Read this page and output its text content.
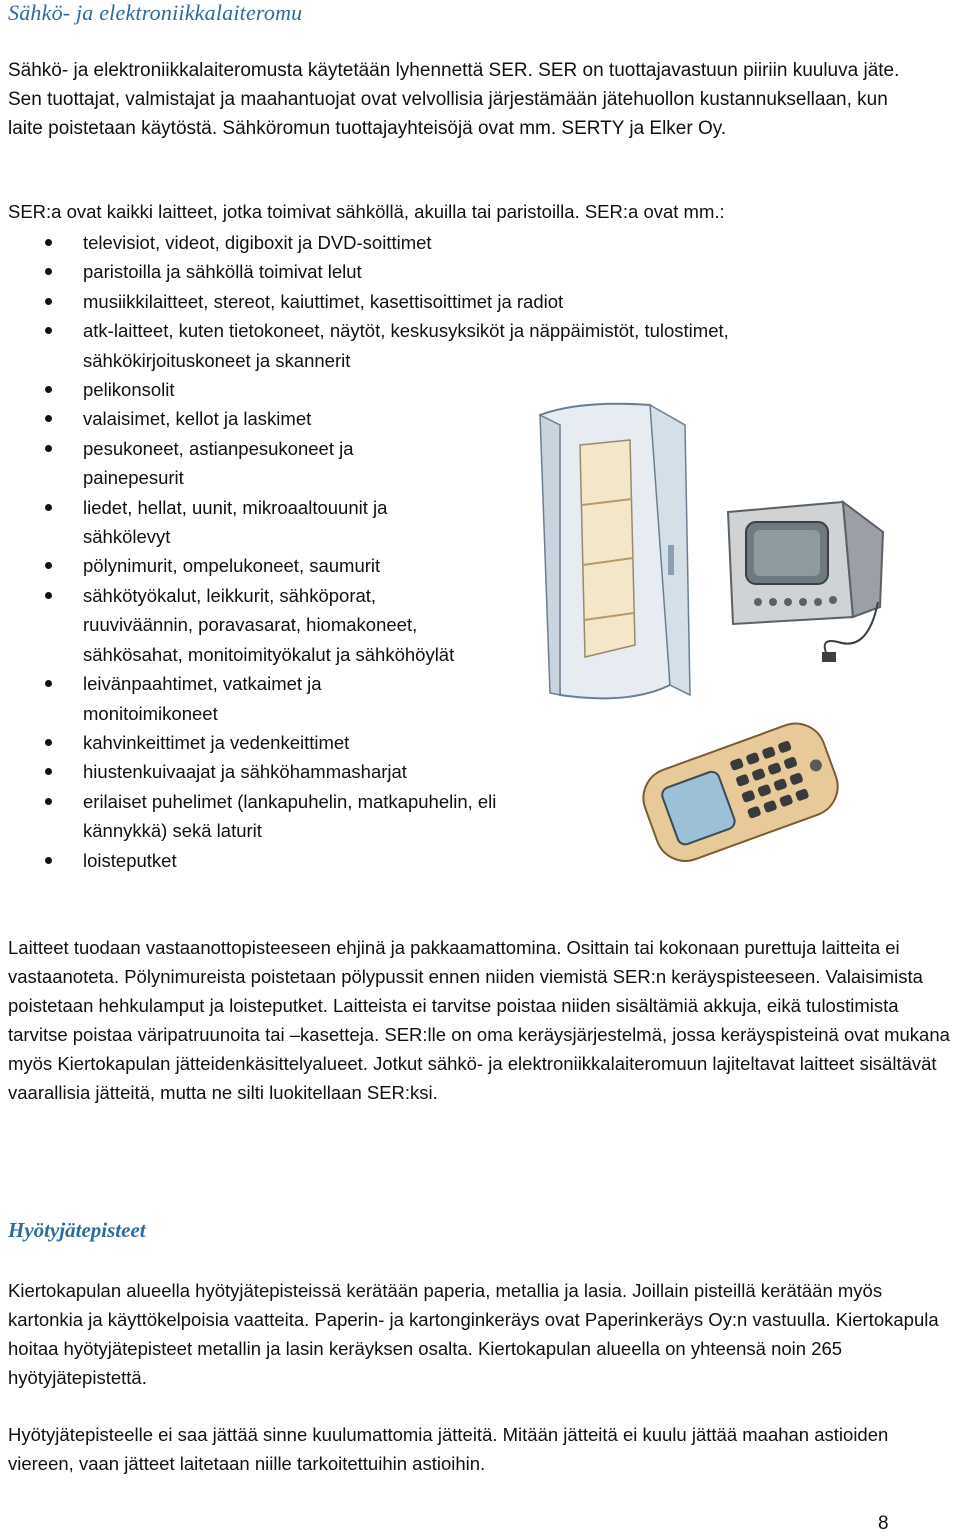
Sähkö- ja elektroniikkalaiteromu

Sähkö- ja elektroniikkalaiteromusta käytetään lyhennettä SER. SER on tuottajavastuun piiriin kuuluva jäte. Sen tuottajat, valmistajat ja maahantuojat ovat velvollisia järjestämään jätehuollon kustannuksellaan, kun laite poistetaan käytöstä. Sähköromun tuottajayhteisöjä ovat mm. SERTY ja Elker Oy.

SER:a ovat kaikki laitteet, jotka toimivat sähköllä, akuilla tai paristoilla. SER:a ovat mm.:

televisiot, videot, digiboxit ja DVD-soittimet
paristoilla ja sähköllä toimivat lelut
musiikkilaitteet, stereot, kaiuttimet, kasettisoittimet ja radiot
atk-laitteet, kuten tietokoneet, näytöt, keskusyksiköt ja näppäimistöt, tulostimet, sähkökirjoituskoneet ja skannerit
pelikonsolit
valaisimet, kellot ja laskimet
pesukoneet, astianpesukoneet ja painepesurit
liedet, hellat, uunit, mikroaaltouunit ja sähkölevyt
pölynimurit, ompelukoneet, saumurit
sähkötyökalut, leikkurit, sähköporat, ruuviväännin, poravasarat, hiomakoneet, sähkösahat, monitoimityökalut ja sähköhöylät
leivänpaahtimet, vatkaimet ja monitoimikoneet
kahvinkeittimet ja vedenkeittimet
hiustenkuivaajat ja sähköhammasharjat
erilaiset puhelimet (lankapuhelin, matkapuhelin, eli kännykkä) sekä laturit
loisteputket

Laitteet tuodaan vastaanottopisteeseen ehjinä ja pakkaamattomina. Osittain tai kokonaan purettuja laitteita ei vastaanoteta. Pölynimureista poistetaan pölypussit ennen niiden viemistä SER:n keräyspisteeseen. Valaisimista poistetaan hehkulamput ja loisteputket. Laitteista ei tarvitse poistaa niiden sisältämiä akkuja, eikä tulostimista tarvitse poistaa väripatruunoita tai –kasetteja. SER:lle on oma keräysjärjestelmä, jossa keräyspisteinä ovat mukana myös Kiertokapulan jätteidenkäsittelyalueet. Jotkut sähkö- ja elektroniikkalaiteromuun lajiteltavat laitteet sisältävät vaarallisia jätteitä, mutta ne silti luokitellaan SER:ksi.

Hyötyjätepisteet

Kiertokapulan alueella hyötyjätepisteissä kerätään paperia, metallia ja lasia. Joillain pisteillä kerätään myös kartonkia ja käyttökelpoisia vaatteita. Paperin- ja kartonginkeräys ovat Paperinkeräys Oy:n vastuulla. Kiertokapula hoitaa hyötyjätepisteet metallin ja lasin keräyksen osalta. Kiertokapulan alueella on yhteensä noin 265 hyötyjätepistettä.

Hyötyjätepisteelle ei saa jättää sinne kuulumattomia jätteitä. Mitään jätteitä ei kuulu jättää maahan astioiden viereen, vaan jätteet laitetaan niille tarkoitettuihin astioihin.

8
